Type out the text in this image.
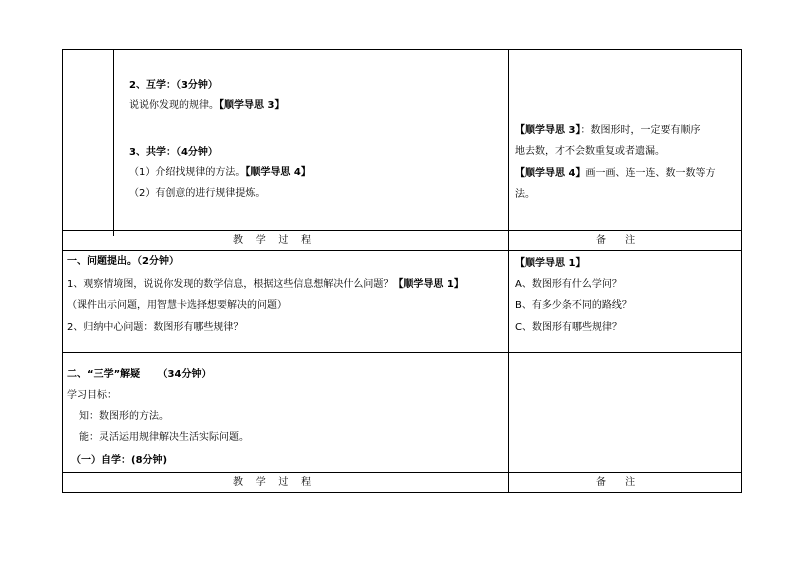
2、互学：（3分钟）
说说你发现的规律。【顺学导思 3】
3、共学：（4分钟）
（1）介绍找规律的方法。【顺学导思 4】
（2）有创意的进行规律提炼。
【顺学导思 3】：数图形时，一定要有顺序
地去数，才不会数重复或者遗漏。
【顺学导思 4】画一画、连一连、数一数等方
法。
教    学    过    程	备      注
一、问题提出。（2分钟）
1、观察情境图，说说你发现的数学信息，根据这些信息想解决什么问题？【顺学导思 1】
（课件出示问题，用智慧卡选择想要解决的问题）
2、归纳中心问题：数图形有哪些规律？
【顺学导思 1】
A、数图形有什么学问？
B、有多少条不同的路线？
C、数图形有哪些规律？
二、“三学”解疑     （34分钟）
学习目标：
知：数图形的方法。
能：灵活运用规律解决生活实际问题。
（一）自学：(8分钟)
教    学    过    程	备      注
